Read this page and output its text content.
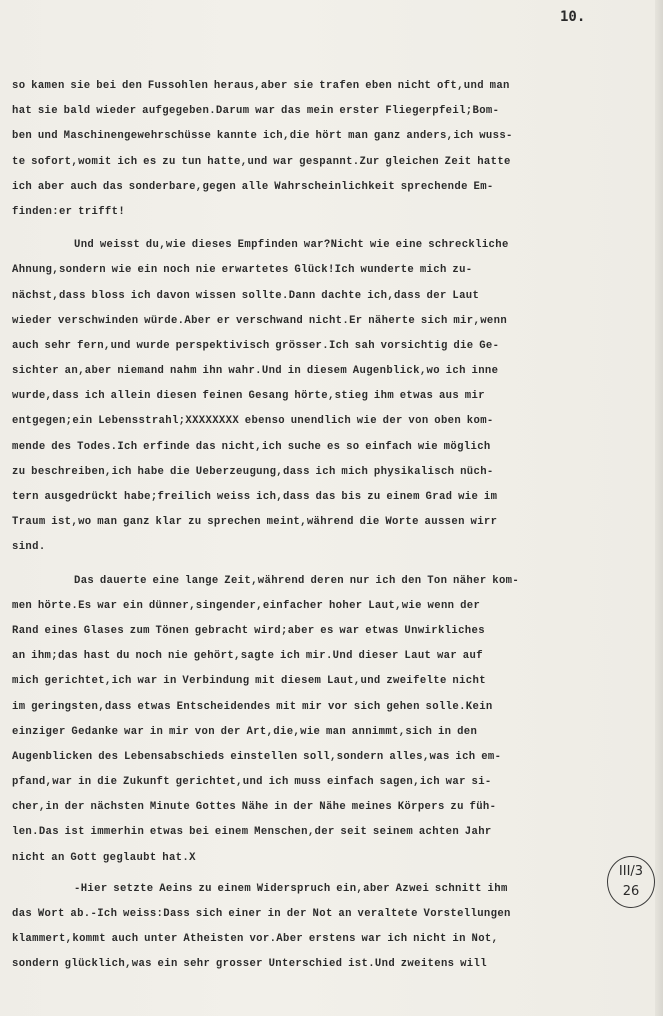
10.
so kamen sie bei den Fussohlen heraus,aber sie trafen eben nicht oft,und man
hat sie bald wieder aufgegeben.Darum war das mein erster Fliegerpfeil;Bom-
ben und Maschinengewehrschüsse kannte ich,die hört man ganz anders,ich wuss-
te sofort,womit ich es zu tun hatte,und war gespannt.Zur gleichen Zeit hatte
ich aber auch das sonderbare,gegen alle Wahrscheinlichkeit sprechende Em-
finden:er trifft!
Und weisst du,wie dieses Empfinden war?Nicht wie eine schreckliche
Ahnung,sondern wie ein noch nie erwartetes Glück!Ich wunderte mich zu-
nächst,dass bloss ich davon wissen sollte.Dann dachte ich,dass der Laut
wieder verschwinden würde.Aber er verschwand nicht.Er näherte sich mir,wenn
auch sehr fern,und wurde perspektivisch grösser.Ich sah vorsichtig die Ge-
sichter an,aber niemand nahm ihn wahr.Und in diesem Augenblick,wo ich inne
wurde,dass ich allein diesen feinen Gesang hörte,stieg ihm etwas aus mir
entgegen;ein Lebensstrahl;XXXXXXXX ebenso unendlich wie der von oben kom-
mende des Todes.Ich erfinde das nicht,ich suche es so einfach wie möglich
zu beschreiben,ich habe die Ueberzeugung,dass ich mich physikalisch nüch-
tern ausgedrückt habe;freilich weiss ich,dass das bis zu einem Grad wie im
Traum ist,wo man ganz klar zu sprechen meint,während die Worte aussen wirr
sind.
Das dauerte eine lange Zeit,während deren nur ich den Ton näher kom-
men hörte.Es war ein dünner,singender,einfacher hoher Laut,wie wenn der
Rand eines Glases zum Tönen gebracht wird;aber es war etwas Unwirkliches
an ihm;das hast du noch nie gehört,sagte ich mir.Und dieser Laut war auf
mich gerichtet,ich war in Verbindung mit diesem Laut,und zweifelte nicht
im geringsten,dass etwas Entscheidendes mit mir vor sich gehen solle.Kein
einziger Gedanke war in mir von der Art,die,wie man annimmt,sich in den
Augenblicken des Lebensabschieds einstellen soll,sondern alles,was ich em-
pfand,war in die Zukunft gerichtet,und ich muss einfach sagen,ich war si-
cher,in der nächsten Minute Gottes Nähe in der Nähe meines Körpers zu füh-
len.Das ist immerhin etwas bei einem Menschen,der seit seinem achten Jahr
nicht an Gott geglaubt hat.X
-Hier setzte Aeins zu einem Widerspruch ein,aber Azwei schnitt ihm
das Wort ab.-Ich weiss:Dass sich einer in der Not an veraltete Vorstellungen
klammert,kommt auch unter Atheisten vor.Aber erstens war ich nicht in Not,
sondern glücklich,was ein sehr grosser Unterschied ist.Und zweitens will
III/3
26
